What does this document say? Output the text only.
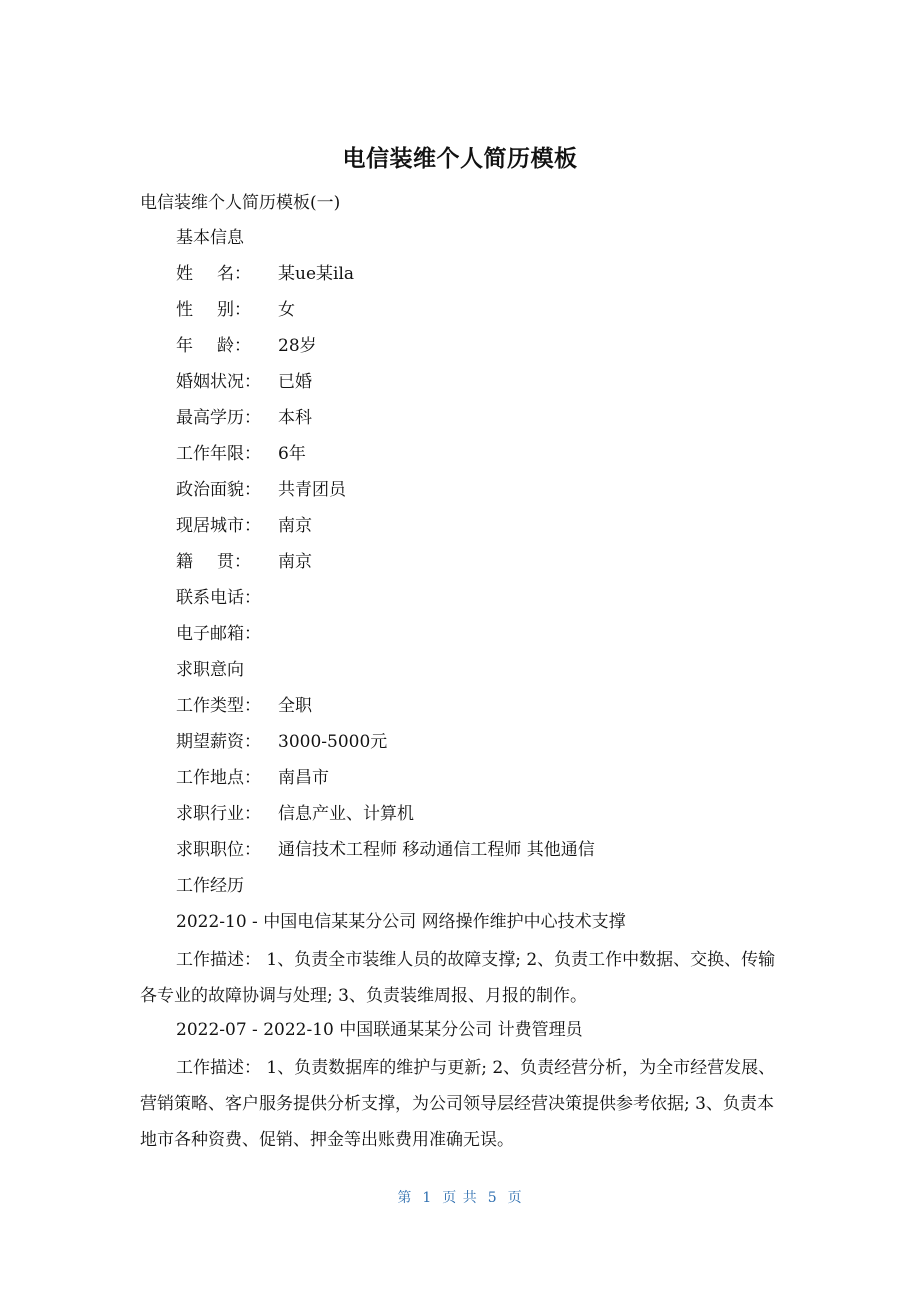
电信装维个人简历模板
电信装维个人简历模板(一)
基本信息
姓 名： 某ue某ila
性 别： 女
年 龄： 28岁
婚姻状况： 已婚
最高学历： 本科
工作年限： 6年
政治面貌： 共青团员
现居城市： 南京
籍 贯： 南京
联系电话：
电子邮箱：
求职意向
工作类型： 全职
期望薪资： 3000-5000元
工作地点： 南昌市
求职行业： 信息产业、计算机
求职职位： 通信技术工程师 移动通信工程师 其他通信
工作经历
2022-10 - 中国电信某某分公司 网络操作维护中心技术支撑
工作描述： 1、负责全市装维人员的故障支撑; 2、负责工作中数据、交换、传输各专业的故障协调与处理; 3、负责装维周报、月报的制作。
2022-07 - 2022-10 中国联通某某分公司 计费管理员
工作描述： 1、负责数据库的维护与更新; 2、负责经营分析，为全市经营发展、营销策略、客户服务提供分析支撑，为公司领导层经营决策提供参考依据; 3、负责本地市各种资费、促销、押金等出账费用准确无误。
第 1 页 共 5 页
